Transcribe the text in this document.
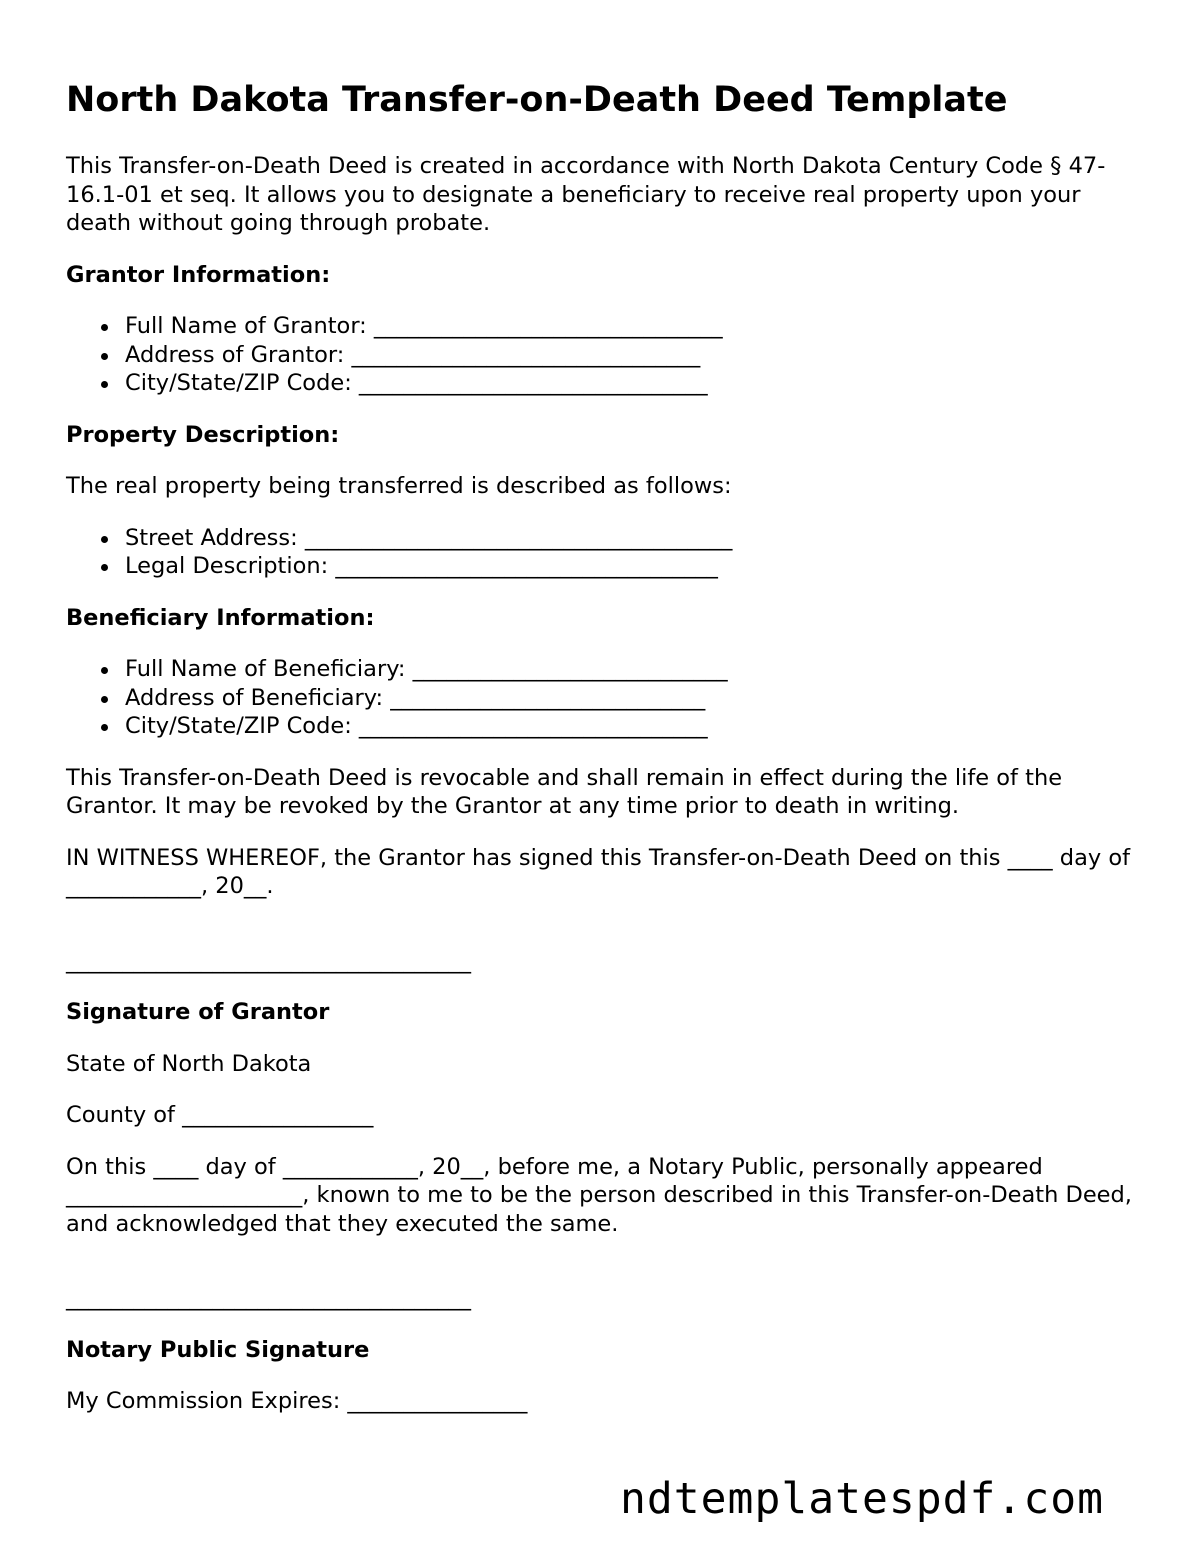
North Dakota Transfer-on-Death Deed Template

This Transfer-on-Death Deed is created in accordance with North Dakota Century Code § 47-16.1-01 et seq. It allows you to designate a beneficiary to receive real property upon your death without going through probate.

Grantor Information:
Full Name of Grantor: _______________________________
Address of Grantor: _______________________________
City/State/ZIP Code: _______________________________
Property Description:

The real property being transferred is described as follows:

Street Address: ______________________________________
Legal Description: __________________________________
Beneficiary Information:
Full Name of Beneficiary: ____________________________
Address of Beneficiary: ____________________________
City/State/ZIP Code: _______________________________

This Transfer-on-Death Deed is revocable and shall remain in effect during the life of the Grantor. It may be revoked by the Grantor at any time prior to death in writing.

IN WITNESS WHEREOF, the Grantor has signed this Transfer-on-Death Deed on this ____ day of ____________, 20__.

____________________________________
Signature of Grantor

State of North Dakota

County of _________________

On this ____ day of ____________, 20__, before me, a Notary Public, personally appeared _____________________, known to me to be the person described in this Transfer-on-Death Deed, and acknowledged that they executed the same.

____________________________________
Notary Public Signature

My Commission Expires: ________________

ndtemplatespdf.com
